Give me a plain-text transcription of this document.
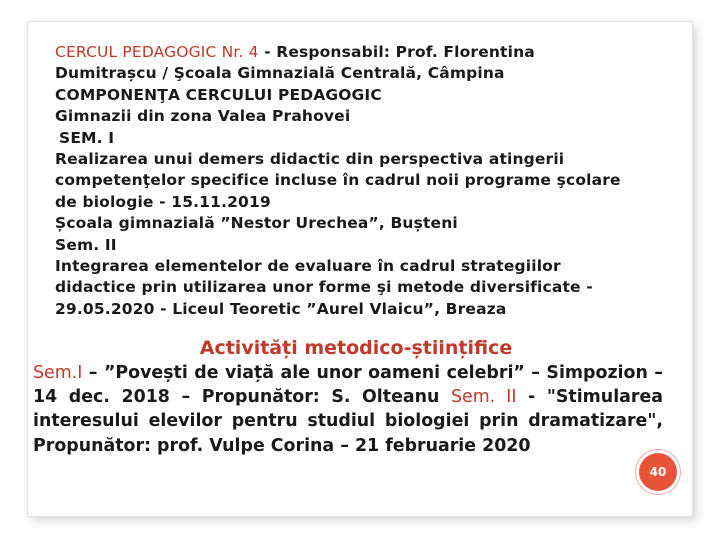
CERCUL PEDAGOGIC Nr. 4 - Responsabil: Prof. Florentina
Dumitrașcu / Şcoala Gimnazială Centrală, Câmpina
COMPONENŢA CERCULUI PEDAGOGIC
Gimnazii din zona Valea Prahovei
SEM. I
Realizarea unui demers didactic din perspectiva atingerii
competenţelor specifice incluse în cadrul noii programe şcolare
de biologie - 15.11.2019
Școala gimnazială ”Nestor Urechea”, Bușteni
Sem. II
Integrarea elementelor de evaluare în cadrul strategiilor
didactice prin utilizarea unor forme şi metode diversificate -
29.05.2020 - Liceul Teoretic ”Aurel Vlaicu”, Breaza
Activități metodico-științifice
Sem.I – ”Povești de viață ale unor oameni celebri” – Simpozion – 14 dec. 2018 – Propunător: S. Olteanu Sem. II - "Stimularea interesului elevilor pentru studiul biologiei prin dramatizare", Propunător: prof. Vulpe Corina – 21 februarie 2020
40
